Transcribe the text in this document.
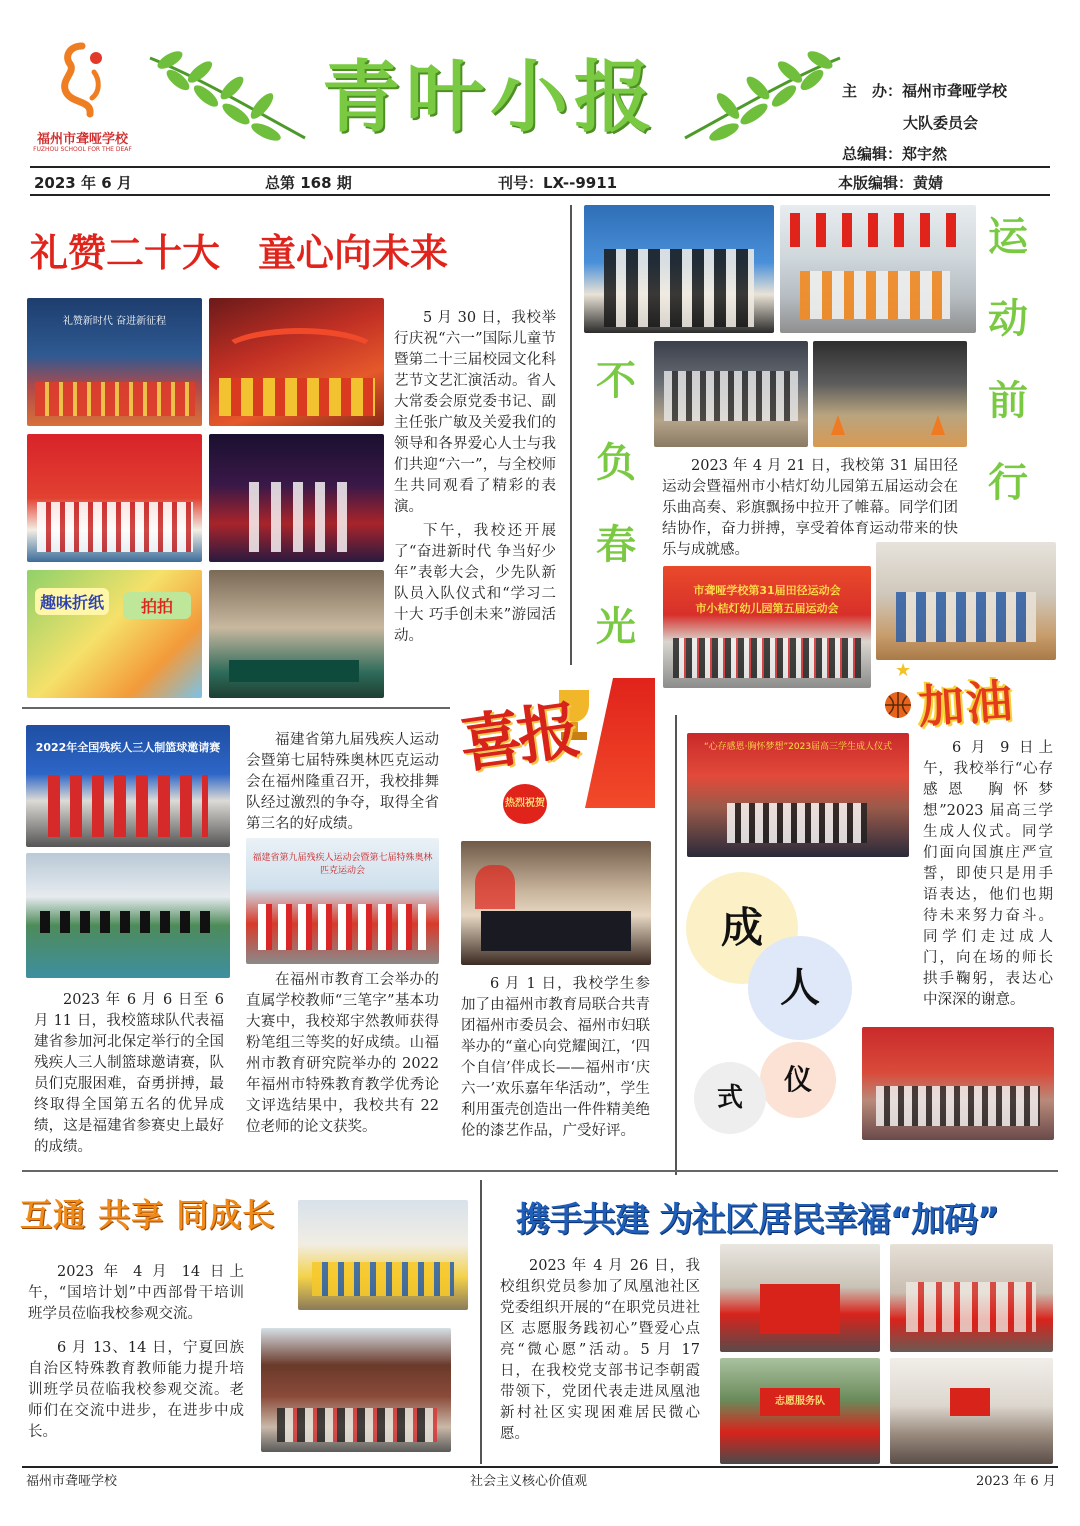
福州市聋哑学校
FUZHOU SCHOOL FOR THE DEAF
青叶小报	主　办：福州市聋哑学校
大队委员会
总编辑：郑宇然
2023 年 6 月	总第 168 期	刊号：LX--9911	本版编辑：黄婧
礼赞二十大　童心向未来
礼赞新时代 奋进新征程
趣味折纸	拍拍

5 月 30 日，我校举行庆祝“六一”国际儿童节暨第二十三届校园文化科艺节文艺汇演活动。省人大常委会原党委书记、副主任张广敏及关爱我们的领导和各界爱心人士与我们共迎“六一”，与全校师生共同观看了精彩的表演。

下午，我校还开展了“奋进新时代 争当好少年”表彰大会，少先队新队员入队仪式和“学习二十大 巧手创未来”游园活动。

不
负
春
光
运
动
前
行

2023 年 4 月 21 日，我校第 31 届田径运动会暨福州市小桔灯幼儿园第五届运动会在乐曲高奏、彩旗飘扬中拉开了帷幕。同学们团结协作，奋力拼搏，享受着体育运动带来的快乐与成就感。

市聋哑学校第31届田径运动会
市小桔灯幼儿园第五届运动会
★
加油
2022年全国残疾人三人制篮球邀请赛	福建省第九届残疾人运动会暨第七届特殊奥林匹克运动会在福州隆重召开，我校排舞队经过激烈的争夺，取得全省第三名的好成绩。

福建省第九届残疾人运动会暨第七届特殊奥林匹克运动会

2023 年 6 月 6 日至 6 月 11 日，我校篮球队代表福建省参加河北保定举行的全国残疾人三人制篮球邀请赛，队员们克服困难，奋勇拼搏，最终取得全国第五名的优异成绩，这是福建省参赛史上最好的成绩。

在福州市教育工会举办的直属学校教师“三笔字”基本功大赛中，我校郑宇然教师获得粉笔组三等奖的好成绩。山福州市教育研究院举办的 2022 年福州市特殊教育教学优秀论文评选结果中，我校共有 22 位老师的论文获奖。

喜报
热烈祝贺

6 月 1 日，我校学生参加了由福州市教育局联合共青团福州市委员会、福州市妇联举办的“童心向党耀闽江，‘四个自信’伴成长——福州市‘庆六一’欢乐嘉年华活动”，学生利用蛋壳创造出一件件精美绝伦的漆艺作品，广受好评。

“心存感恩·胸怀梦想”2023届高三学生成人仪式
成
人
仪
式

6 月 9 日上午，我校举行“心存感恩 胸怀梦想”2023 届高三学生成人仪式。同学们面向国旗庄严宣誓，即使只是用手语表达，他们也期待未来努力奋斗。同学们走过成人门，向在场的师长拱手鞠躬，表达心中深深的谢意。

互通 共享 同成长

2023 年 4 月 14 日上午，“国培计划”中西部骨干培训班学员莅临我校参观交流。

6 月 13、14 日，宁夏回族自治区特殊教育教师能力提升培训班学员莅临我校参观交流。老师们在交流中进步，在进步中成长。

携手共建 为社区居民幸福“加码”

2023 年 4 月 26 日，我校组织党员参加了凤凰池社区党委组织开展的“在职党员进社区 志愿服务践初心”暨爱心点亮“微心愿”活动。5 月 17 日，在我校党支部书记李朝霞带领下，党团代表走进凤凰池新村社区实现困难居民微心愿。

志愿服务队
福州市聋哑学校	社会主义核心价值观	2023 年 6 月
